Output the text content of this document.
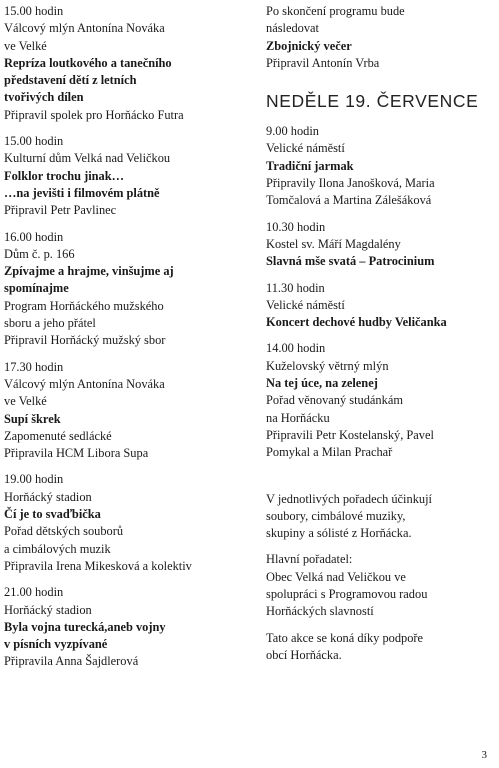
15.00 hodin
Válcový mlýn Antonína Nováka
ve Velké
Repríza loutkového a tanečního
představení dětí z letních
tvořivých dílen
Připravil spolek pro Horňácko Futra
15.00 hodin
Kulturní dům Velká nad Veličkou
Folklor trochu jinak…
…na jevišti i filmovém plátně
Připravil Petr Pavlinec
16.00 hodin
Dům č. p. 166
Zpívajme a hrajme, vinšujme aj
spomínajme
Program Horňáckého mužského
sboru a jeho přátel
Připravil Horňácký mužský sbor
17.30 hodin
Válcový mlýn Antonína Nováka
ve Velké
Supí škrek
Zapomenuté sedlácké
Připravila HCM Libora Supa
19.00 hodin
Horňácký stadion
Čí je to svaďbička
Pořad dětských souborů
a cimbálových muzik
Připravila Irena Mikesková a kolektiv
21.00 hodin
Horňácký stadion
Byla vojna turecká,aneb vojny
v písních vyzpívané
Připravila Anna Šajdlerová
Po skončení programu bude
následovat
Zbojnický večer
Připravil Antonín Vrba
NEDĚLE 19. ČERVENCE
9.00 hodin
Velické náměstí
Tradiční jarmak
Připravily Ilona Janošková, Maria
Tomčalová a Martina Zálešáková
10.30 hodin
Kostel sv. Máří Magdalény
Slavná mše svatá – Patrocinium
11.30 hodin
Velické náměstí
Koncert dechové hudby Veličanka
14.00 hodin
Kuželovský větrný mlýn
Na tej úce, na zelenej
Pořad věnovaný studánkám
na Horňácku
Připravili Petr Kostelanský, Pavel
Pomykal a Milan Prachař
V jednotlivých pořadech účinkují
soubory, cimbálové muziky,
skupiny a sólisté z Horňácka.
Hlavní pořadatel:
Obec Velká nad Veličkou ve
spolupráci s Programovou radou
Horňáckých slavností
Tato akce se koná díky podpoře
obcí Horňácka.
3
